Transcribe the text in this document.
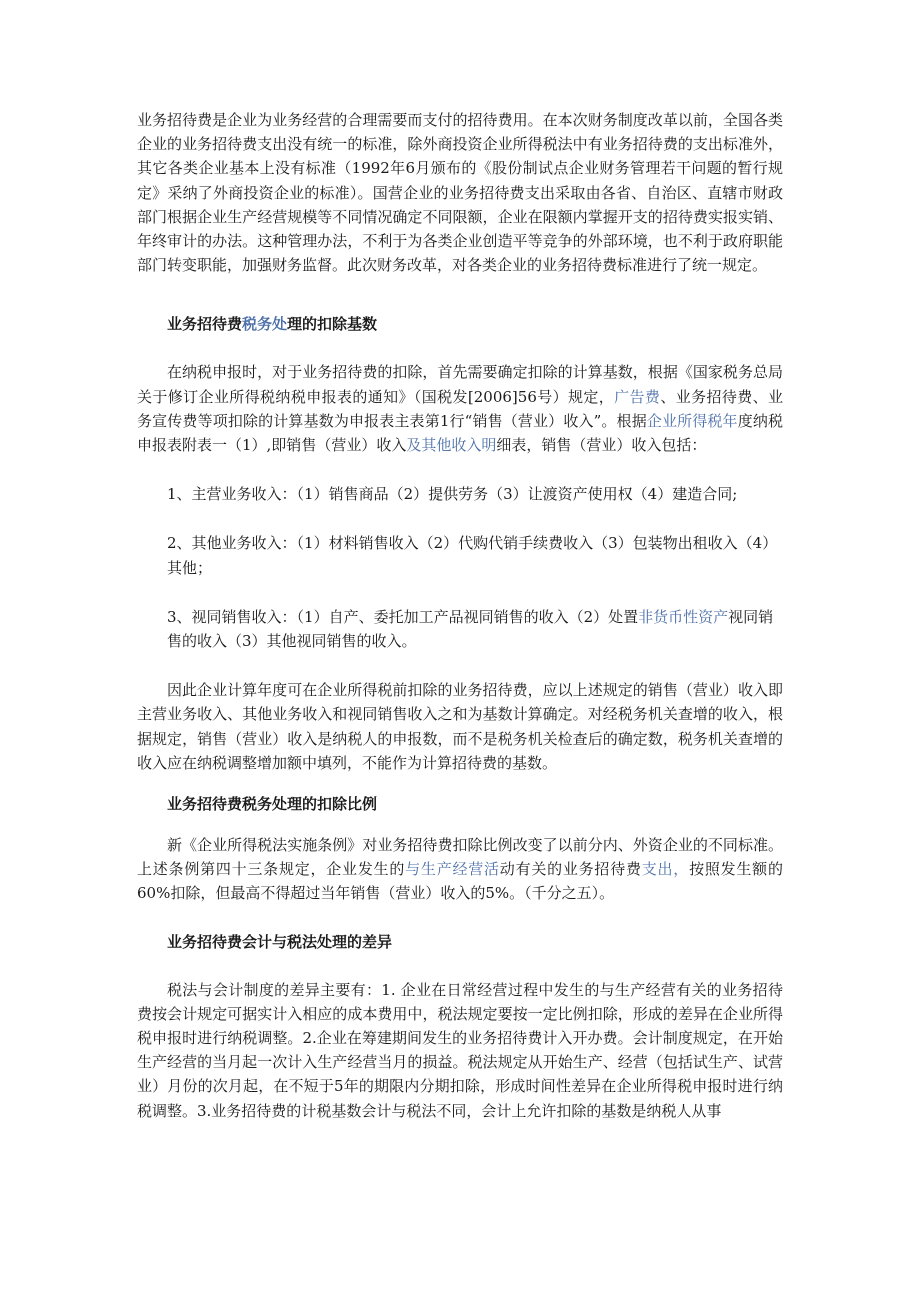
业务招待费是企业为业务经营的合理需要而支付的招待费用。在本次财务制度改革以前，全国各类企业的业务招待费支出没有统一的标准，除外商投资企业所得税法中有业务招待费的支出标准外，其它各类企业基本上没有标准（1992年6月颁布的《股份制试点企业财务管理若干问题的暂行规定》采纳了外商投资企业的标准）。国营企业的业务招待费支出采取由各省、自治区、直辖市财政部门根据企业生产经营规模等不同情况确定不同限额，企业在限额内掌握开支的招待费实报实销、年终审计的办法。这种管理办法，不利于为各类企业创造平等竞争的外部环境，也不利于政府职能部门转变职能，加强财务监督。此次财务改革，对各类企业的业务招待费标准进行了统一规定。

业务招待费税务处理的扣除基数

在纳税申报时，对于业务招待费的扣除，首先需要确定扣除的计算基数，根据《国家税务总局关于修订企业所得税纳税申报表的通知》（国税发[2006]56号）规定，广告费、业务招待费、业务宣传费等项扣除的计算基数为申报表主表第1行“销售（营业）收入”。根据企业所得税年度纳税申报表附表一（1）,即销售（营业）收入及其他收入明细表，销售（营业）收入包括：

1、主营业务收入：（1）销售商品（2）提供劳务（3）让渡资产使用权（4）建造合同;

2、其他业务收入：（1）材料销售收入（2）代购代销手续费收入（3）包装物出租收入（4）其他；

3、视同销售收入：（1）自产、委托加工产品视同销售的收入（2）处置非货币性资产视同销售的收入（3）其他视同销售的收入。

因此企业计算年度可在企业所得税前扣除的业务招待费，应以上述规定的销售（营业）收入即主营业务收入、其他业务收入和视同销售收入之和为基数计算确定。对经税务机关查增的收入，根据规定，销售（营业）收入是纳税人的申报数，而不是税务机关检查后的确定数，税务机关查增的收入应在纳税调整增加额中填列，不能作为计算招待费的基数。

业务招待费税务处理的扣除比例

新《企业所得税法实施条例》对业务招待费扣除比例改变了以前分内、外资企业的不同标准。上述条例第四十三条规定，企业发生的与生产经营活动有关的业务招待费支出，按照发生额的60%扣除，但最高不得超过当年销售（营业）收入的5%。（千分之五）。

业务招待费会计与税法处理的差异

税法与会计制度的差异主要有：1. 企业在日常经营过程中发生的与生产经营有关的业务招待费按会计规定可据实计入相应的成本费用中，税法规定要按一定比例扣除，形成的差异在企业所得税申报时进行纳税调整。2.企业在筹建期间发生的业务招待费计入开办费。会计制度规定，在开始生产经营的当月起一次计入生产经营当月的损益。税法规定从开始生产、经营（包括试生产、试营业）月份的次月起，在不短于5年的期限内分期扣除，形成时间性差异在企业所得税申报时进行纳税调整。3.业务招待费的计税基数会计与税法不同，会计上允许扣除的基数是纳税人从事
